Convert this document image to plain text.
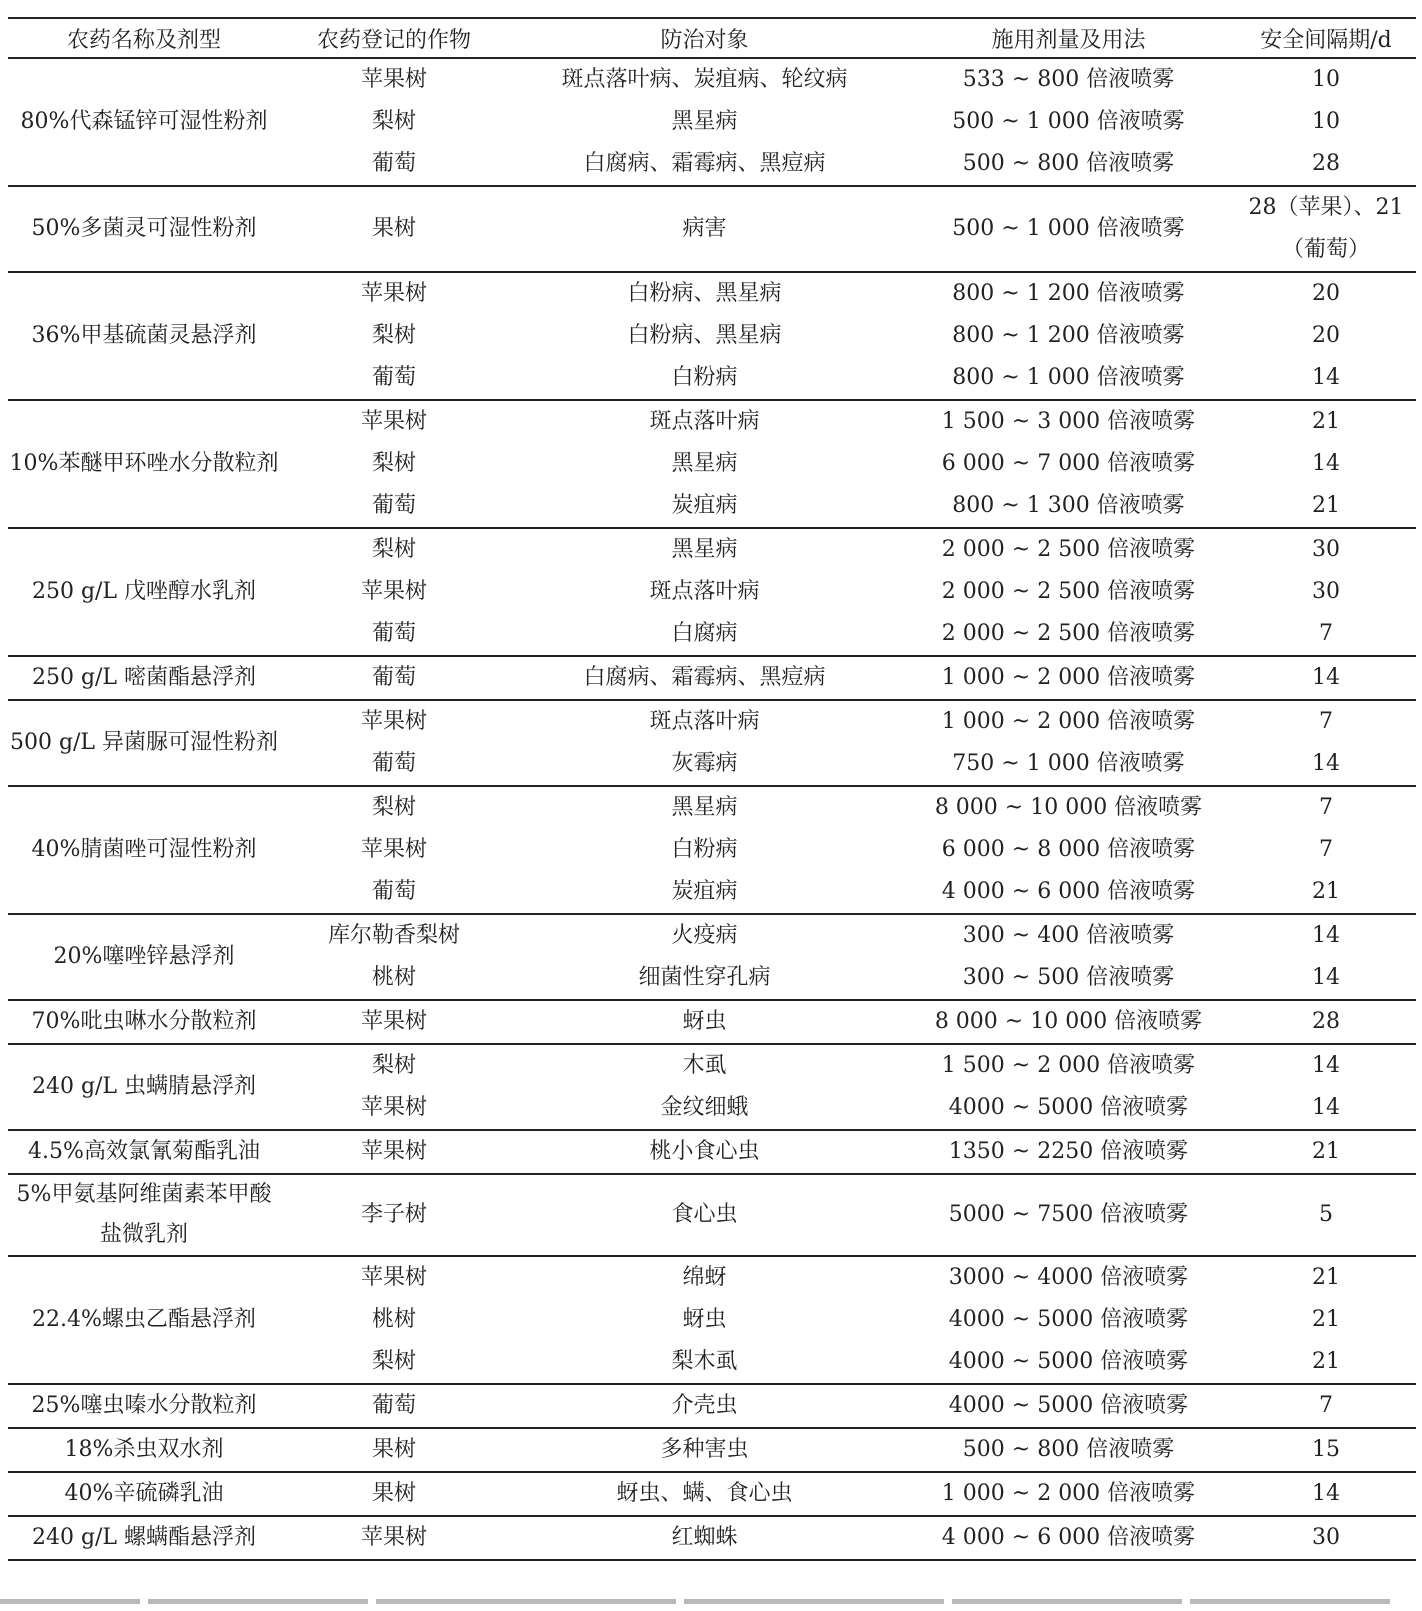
农药名称及剂型	农药登记的作物	防治对象	施用剂量及用法	安全间隔期/d
80%代森锰锌可湿性粉剂	苹果树	斑点落叶病、炭疽病、轮纹病	533 ~ 800 倍液喷雾	10
	梨树	黑星病	500 ~ 1 000 倍液喷雾	10
	葡萄	白腐病、霜霉病、黑痘病	500 ~ 800 倍液喷雾	28
50%多菌灵可湿性粉剂	果树	病害	500 ~ 1 000 倍液喷雾	28（苹果）、21（葡萄）
36%甲基硫菌灵悬浮剂	苹果树	白粉病、黑星病	800 ~ 1 200 倍液喷雾	20
	梨树	白粉病、黑星病	800 ~ 1 200 倍液喷雾	20
	葡萄	白粉病	800 ~ 1 000 倍液喷雾	14
10%苯醚甲环唑水分散粒剂	苹果树	斑点落叶病	1 500 ~ 3 000 倍液喷雾	21
	梨树	黑星病	6 000 ~ 7 000 倍液喷雾	14
	葡萄	炭疽病	800 ~ 1 300 倍液喷雾	21
250 g/L 戊唑醇水乳剂	梨树	黑星病	2 000 ~ 2 500 倍液喷雾	30
	苹果树	斑点落叶病	2 000 ~ 2 500 倍液喷雾	30
	葡萄	白腐病	2 000 ~ 2 500 倍液喷雾	7
250 g/L 嘧菌酯悬浮剂	葡萄	白腐病、霜霉病、黑痘病	1 000 ~ 2 000 倍液喷雾	14
500 g/L 异菌脲可湿性粉剂	苹果树	斑点落叶病	1 000 ~ 2 000 倍液喷雾	7
	葡萄	灰霉病	750 ~ 1 000 倍液喷雾	14
40%腈菌唑可湿性粉剂	梨树	黑星病	8 000 ~ 10 000 倍液喷雾	7
	苹果树	白粉病	6 000 ~ 8 000 倍液喷雾	7
	葡萄	炭疽病	4 000 ~ 6 000 倍液喷雾	21
20%噻唑锌悬浮剂	库尔勒香梨树	火疫病	300 ~ 400 倍液喷雾	14
	桃树	细菌性穿孔病	300 ~ 500 倍液喷雾	14
70%吡虫啉水分散粒剂	苹果树	蚜虫	8 000 ~ 10 000 倍液喷雾	28
240 g/L 虫螨腈悬浮剂	梨树	木虱	1 500 ~ 2 000 倍液喷雾	14
	苹果树	金纹细蛾	4000 ~ 5000 倍液喷雾	14
4.5%高效氯氰菊酯乳油	苹果树	桃小食心虫	1350 ~ 2250 倍液喷雾	21
5%甲氨基阿维菌素苯甲酸盐微乳剂	李子树	食心虫	5000 ~ 7500 倍液喷雾	5
22.4%螺虫乙酯悬浮剂	苹果树	绵蚜	3000 ~ 4000 倍液喷雾	21
	桃树	蚜虫	4000 ~ 5000 倍液喷雾	21
	梨树	梨木虱	4000 ~ 5000 倍液喷雾	21
25%噻虫嗪水分散粒剂	葡萄	介壳虫	4000 ~ 5000 倍液喷雾	7
18%杀虫双水剂	果树	多种害虫	500 ~ 800 倍液喷雾	15
40%辛硫磷乳油	果树	蚜虫、螨、食心虫	1 000 ~ 2 000 倍液喷雾	14
240 g/L 螺螨酯悬浮剂	苹果树	红蜘蛛	4 000 ~ 6 000 倍液喷雾	30
